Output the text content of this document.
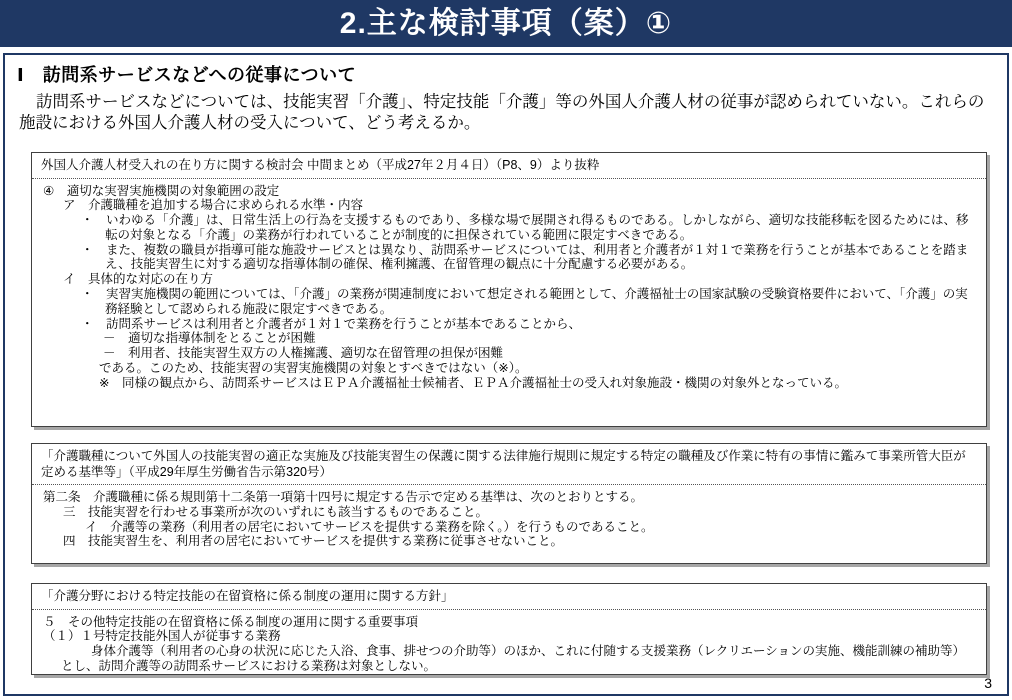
2.主な検討事項（案）①
Ⅰ　訪問系サービスなどへの従事について
訪問系サービスなどについては、技能実習「介護」、特定技能「介護」等の外国人介護人材の従事が認められていない。これらの施設における外国人介護人材の受入について、どう考えるか。
外国人介護人材受入れの在り方に関する検討会 中間まとめ（平成27年２月４日）（P8、9）より抜粋
④　適切な実習実施機関の対象範囲の設定
ア　介護職種を追加する場合に求められる水準・内容
・　いわゆる「介護」は、日常生活上の行為を支援するものであり、多様な場で展開され得るものである。しかしながら、適切な技能移転を図るためには、移転の対象となる「介護」の業務が行われていることが制度的に担保されている範囲に限定すべきである。
・　また、複数の職員が指導可能な施設サービスとは異なり、訪問系サービスについては、利用者と介護者が１対１で業務を行うことが基本であることを踏まえ、技能実習生に対する適切な指導体制の確保、権利擁護、在留管理の観点に十分配慮する必要がある。
イ　具体的な対応の在り方
・　実習実施機関の範囲については、「介護」の業務が関連制度において想定される範囲として、介護福祉士の国家試験の受験資格要件において、「介護」の実務経験として認められる施設に限定すべきである。
・　訪問系サービスは利用者と介護者が１対１で業務を行うことが基本であることから、
－　適切な指導体制をとることが困難
－　利用者、技能実習生双方の人権擁護、適切な在留管理の担保が困難
である。このため、技能実習の実習実施機関の対象とすべきではない（※）。
※　同様の観点から、訪問系サービスはＥＰＡ介護福祉士候補者、ＥＰＡ介護福祉士の受入れ対象施設・機関の対象外となっている。
「介護職種について外国人の技能実習の適正な実施及び技能実習生の保護に関する法律施行規則に規定する特定の職種及び作業に特有の事情に鑑みて事業所管大臣が定める基準等」（平成29年厚生労働省告示第320号）
第二条　介護職種に係る規則第十二条第一項第十四号に規定する告示で定める基準は、次のとおりとする。
三　技能実習を行わせる事業所が次のいずれにも該当するものであること。
イ　介護等の業務（利用者の居宅においてサービスを提供する業務を除く。）を行うものであること。
四　技能実習生を、利用者の居宅においてサービスを提供する業務に従事させないこと。
「介護分野における特定技能の在留資格に係る制度の運用に関する方針」
５　その他特定技能の在留資格に係る制度の運用に関する重要事項
（１）１号特定技能外国人が従事する業務
身体介護等（利用者の心身の状況に応じた入浴、食事、排せつの介助等）のほか、これに付随する支援業務（レクリエーションの実施、機能訓練の補助等）とし、訪問介護等の訪問系サービスにおける業務は対象としない。
3
